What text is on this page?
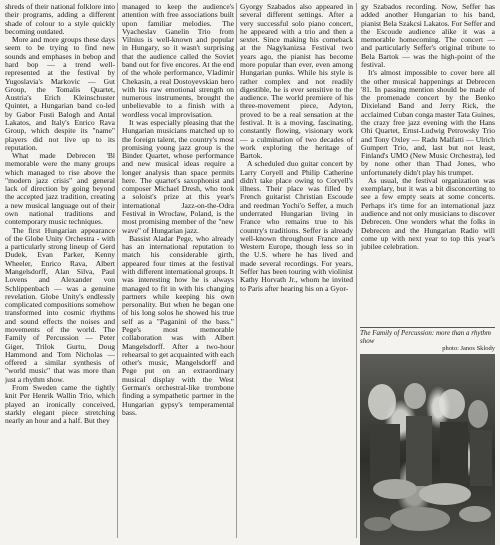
shreds of their national folklore into their programs, adding a different shade of colour to a style quickly becoming outdated.

More and more groups these days seem to be trying to find new sounds and emphases in bebop and hard bop — a trend well-represented at the festival by Yugoslavia's Markovic — Gut Group, the Tomalis Quartet, Austria's Erich Kleinschuster Quintet, a Hungarian band co-led by Gabor Fusti Balogh and Antal Lakatos, and Italy's Enrico Rava Group, which despite its "name" players did not live up to its reputation.

What made Debrecen 'Bl memorable were the many groups which managed to rise above the "modern jazz crisis" and general lack of direction by going beyond the accepted jazz tradition, creating a new musical language out of their own national traditions and contemporary music techniques.

The first Hungarian appearance of the Globe Unity Orchestra - with a particularly strong lineup of Gerd Dudek, Evan Parker, Kenny Wheeler, Enrico Rava, Albert Mangelsdorff, Alan Silva, Paul Lovens and Alexander von Schlippenbach — was a genuine revelation. Globe Unity's endlessly complicated compositions somehow transformed into cosmic rhythms and sound effects the noises and movements of the world. The Family of Percussion — Peter Giger, Trilok Gurtu, Doug Hammond and Tom Nicholas —offered a similar synthesis of "world music" that was more than just a rhythm show.

From Sweden came the tightly knit Per Henrik Wallin Trio, which played an ironically conceived, starkly elegant piece stretching nearly an hour and a half. But they

managed to keep the audience's attention with free associations built upon familiar melodies. The Vyacheslav Ganelin Trio from Vilnius is well-known and popular in Hungary, so it wasn't surprising that the audience called the Soviet band out for five encores. At the end of the whole performance, Vladimir Chekasin, a real Dostoyevskian hero with his raw emotional strength on numerous instruments, brought the unbelievable to a finish with a wordless vocal improvisation.

It was especially pleasing that the Hungarian musicians matched up to the foreign talent, the country's most promising young jazz group is the Binder Quartet, whose performance and new musical ideas require a longer analysis than space permits here. The quartet's saxophonist and composer Michael Dresh, who took a soloist's prize at this year's international Jazz-on-the-Odra Festival in Wroclaw, Poland, is the most promising member of the "new wave" of Hungarian jazz.

Bassist Aladar Pege, who already has an international reputation to match his considerable girth, appeared four times at the festival with different international groups. It was interesting how he is always managed to fit in with his changing partners while keeping his own personality. But when he began one of his long solos he showed his true self as a "Paganini of the bass." Pege's most memorable collaboration was with Albert Mangelsdorff. After a two-hour rehearsal to get acquainted with each other's music, Mangelsdorff and Pege put on an extraordinary musical display with the West German's orchestral-like trombone finding a sympathetic partner in the Hungarian gypsy's temperamental bass.

Gyorgy Szabados also appeared in several different settings. After a very successful solo piano concert, he appeared with a trio and then a sextet. Since making his comeback at the Nagykanizsa Festival two years ago, the pianist has become more popular than ever, even among Hungarian punks. While his style is rather complex and not readily digestible, he is ever sensitive to the audience. The world premiere of his three-movement piece, Adyton, proved to be a real sensation at the festival. It is a moving, fascinating, constantly flowing, visionary work — a culmination of two decades of work exploring the heritage of Bartok.

A scheduled duo guitar concert by Larry Coryell and Philip Catherine didn't take place owing to Coryell's illness. Their place was filled by French guitarist Christian Escoude and reedman Yochi'o Seffer, a much underrated Hungarian living in France who remains true to his country's traditions. Seffer is already well-known throughout France and Western Europe, though less so in the U.S. where he has lived and made several recordings. For years, Seffer has been touring with violinist Kathy Horvath Jr., whom he invited to Paris after hearing his on a Gyor-

gy Szabados recording. Now, Seffer has added another Hungarian to his band, pianist Bela Szakcsi Lakatos. For Seffer and the Escoude audience alike it was a memorable homecoming. The concert — and particularly Seffer's original tribute to Bela Bartok — was the high-point of the festival.

It's almost impossible to cover here all the other musical happenings at Debrecen '81. In passing mention should be made of the promenade concert by the Benko Dixieland Band and Jerry Rick, the acclaimed Cuban conga master Tata Guines, the crazy free jazz evening with the Hans Ohi Quartet, Ernst-Ludwig Petrowsky Trio and Tony Oxley — Radu Malfatti — Ulrich Gumpert Trio, and, last but not least, Finland's UMO (New Music Orchestra), led by none other than Thad Jones, who unfortunately didn't play his trumpet.

As usual, the festival organization was exemplary, but it was a bit disconcerting to see a few empty seats at some concerts. Perhaps it's time for an international jazz audience and not only musicians to discover Debrecen. One wonders what the folks in Debrecen and the Hungarian Radio will come up with next year to top this year's jubilee celebration.

The Family of Percussion: more than a rhythm show
photo: Janos Sklody
